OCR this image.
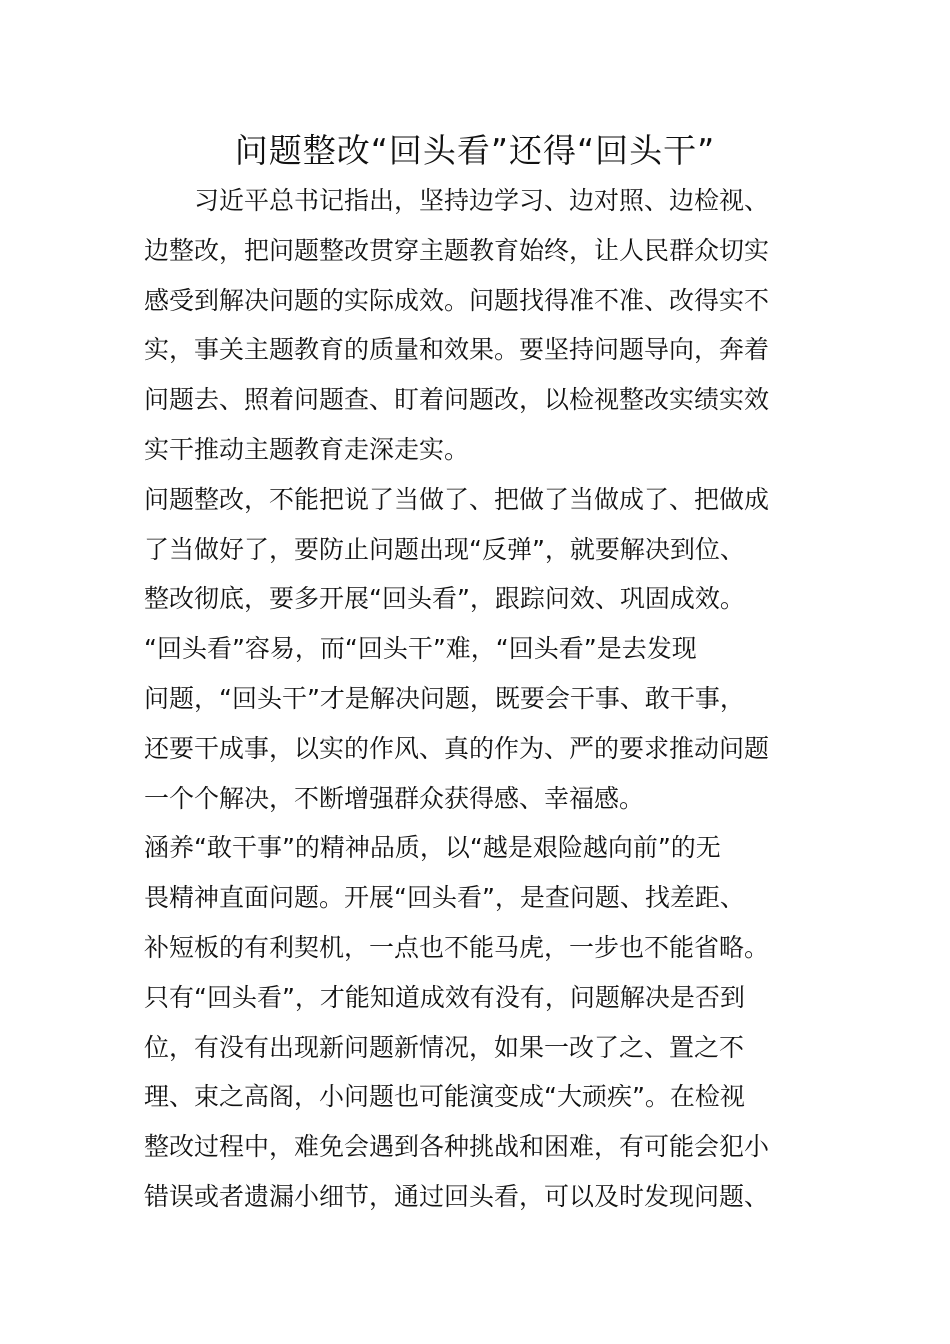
问题整改“回头看”还得“回头干”
　　习近平总书记指出，坚持边学习、边对照、边检视、
边整改，把问题整改贯穿主题教育始终，让人民群众切实
感受到解决问题的实际成效。问题找得准不准、改得实不
实，事关主题教育的质量和效果。要坚持问题导向，奔着
问题去、照着问题查、盯着问题改，以检视整改实绩实效
实干推动主题教育走深走实。
问题整改，不能把说了当做了、把做了当做成了、把做成
了当做好了，要防止问题出现“反弹”，就要解决到位、
整改彻底，要多开展“回头看”，跟踪问效、巩固成效。
“回头看”容易，而“回头干”难，“回头看”是去发现
问题，“回头干”才是解决问题，既要会干事、敢干事，
还要干成事，以实的作风、真的作为、严的要求推动问题
一个个解决，不断增强群众获得感、幸福感。
涵养“敢干事”的精神品质，以“越是艰险越向前”的无
畏精神直面问题。开展“回头看”，是查问题、找差距、
补短板的有利契机，一点也不能马虎，一步也不能省略。
只有“回头看”，才能知道成效有没有，问题解决是否到
位，有没有出现新问题新情况，如果一改了之、置之不
理、束之高阁，小问题也可能演变成“大顽疾”。在检视
整改过程中，难免会遇到各种挑战和困难，有可能会犯小
错误或者遗漏小细节，通过回头看，可以及时发现问题、
